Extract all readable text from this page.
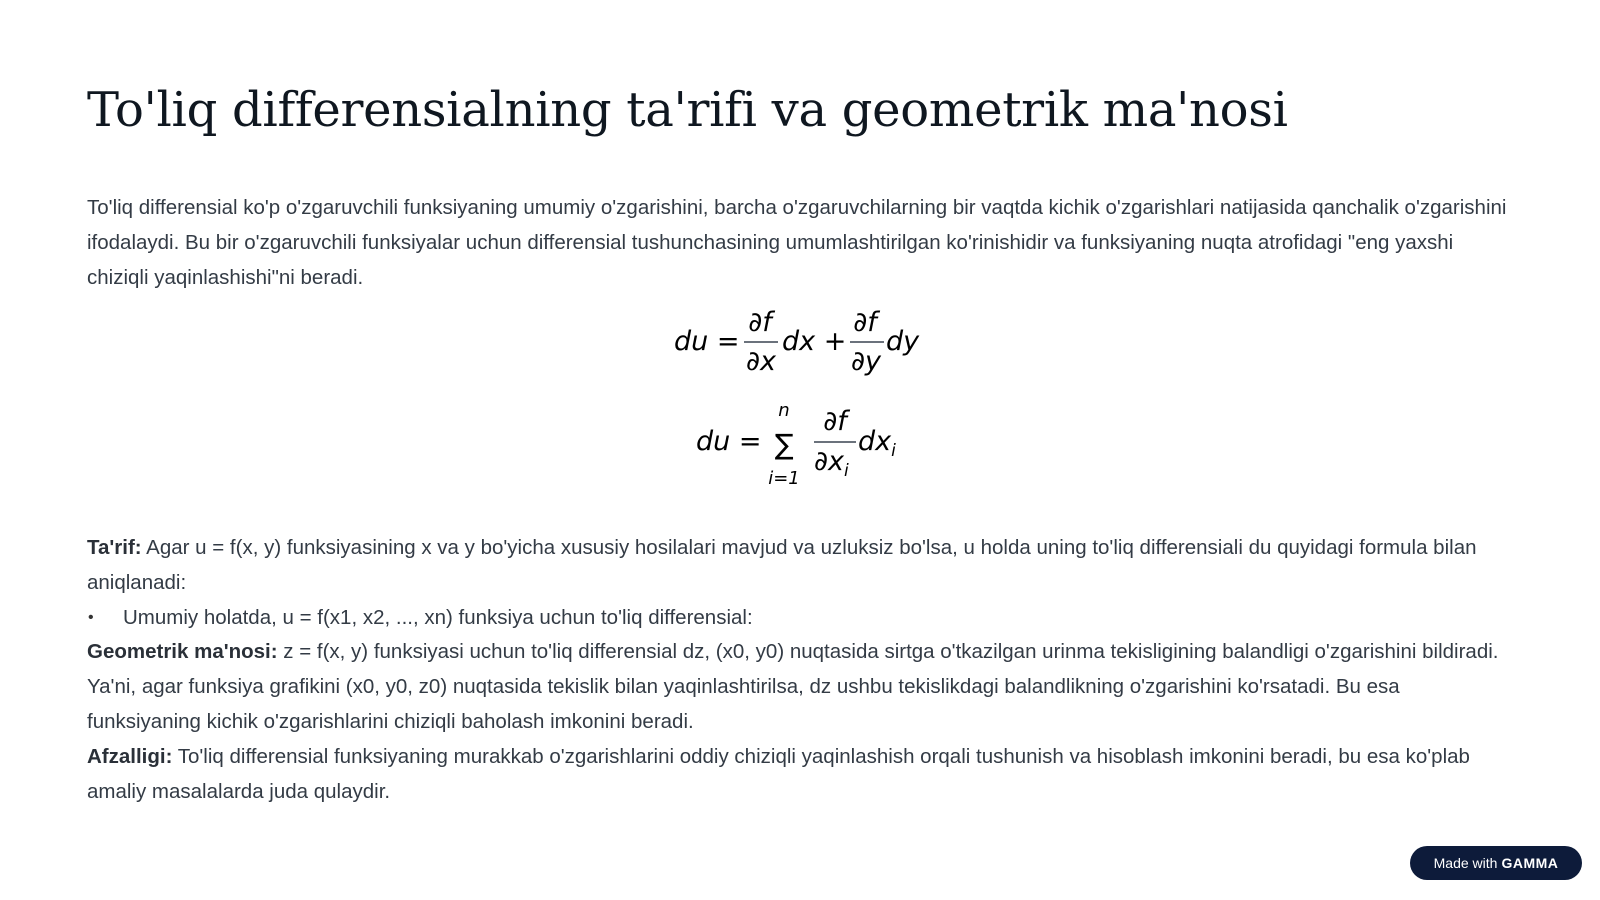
To'liq differensialning ta'rifi va geometrik ma'nosi

To'liq differensial ko'p o'zgaruvchili funksiyaning umumiy o'zgarishini, barcha o'zgaruvchilarning bir vaqtda kichik o'zgarishlari natijasida qanchalik o'zgarishini ifodalaydi. Bu bir o'zgaruvchili funksiyalar uchun differensial tushunchasining umumlashtirilgan ko'rinishidir va funksiyaning nuqta atrofidagi "eng yaxshi chiziqli yaqinlashishi"ni beradi.

du =
∂f
∂x
dx +
∂f
∂y
dy
du =
n
∑
i=1
∂f
$\partial x_i$
$dx_i$

Ta'rif: Agar u = f(x, y) funksiyasining x va y bo'yicha xususiy hosilalari mavjud va uzluksiz bo'lsa, u holda uning to'liq differensiali du quyidagi formula bilan aniqlanadi:

• Umumiy holatda, u = f(x1, x2, ..., xn) funksiya uchun to'liq differensial:

Geometrik ma'nosi: z = f(x, y) funksiyasi uchun to'liq differensial dz, (x0, y0) nuqtasida sirtga o'tkazilgan urinma tekisligining balandligi o'zgarishini bildiradi. Ya'ni, agar funksiya grafikini (x0, y0, z0) nuqtasida tekislik bilan yaqinlashtirilsa, dz ushbu tekislikdagi balandlikning o'zgarishini ko'rsatadi. Bu esa funksiyaning kichik o'zgarishlarini chiziqli baholash imkonini beradi.

Afzalligi: To'liq differensial funksiyaning murakkab o'zgarishlarini oddiy chiziqli yaqinlashish orqali tushunish va hisoblash imkonini beradi, bu esa ko'plab amaliy masalalarda juda qulaydir.

Made with GAMMA
